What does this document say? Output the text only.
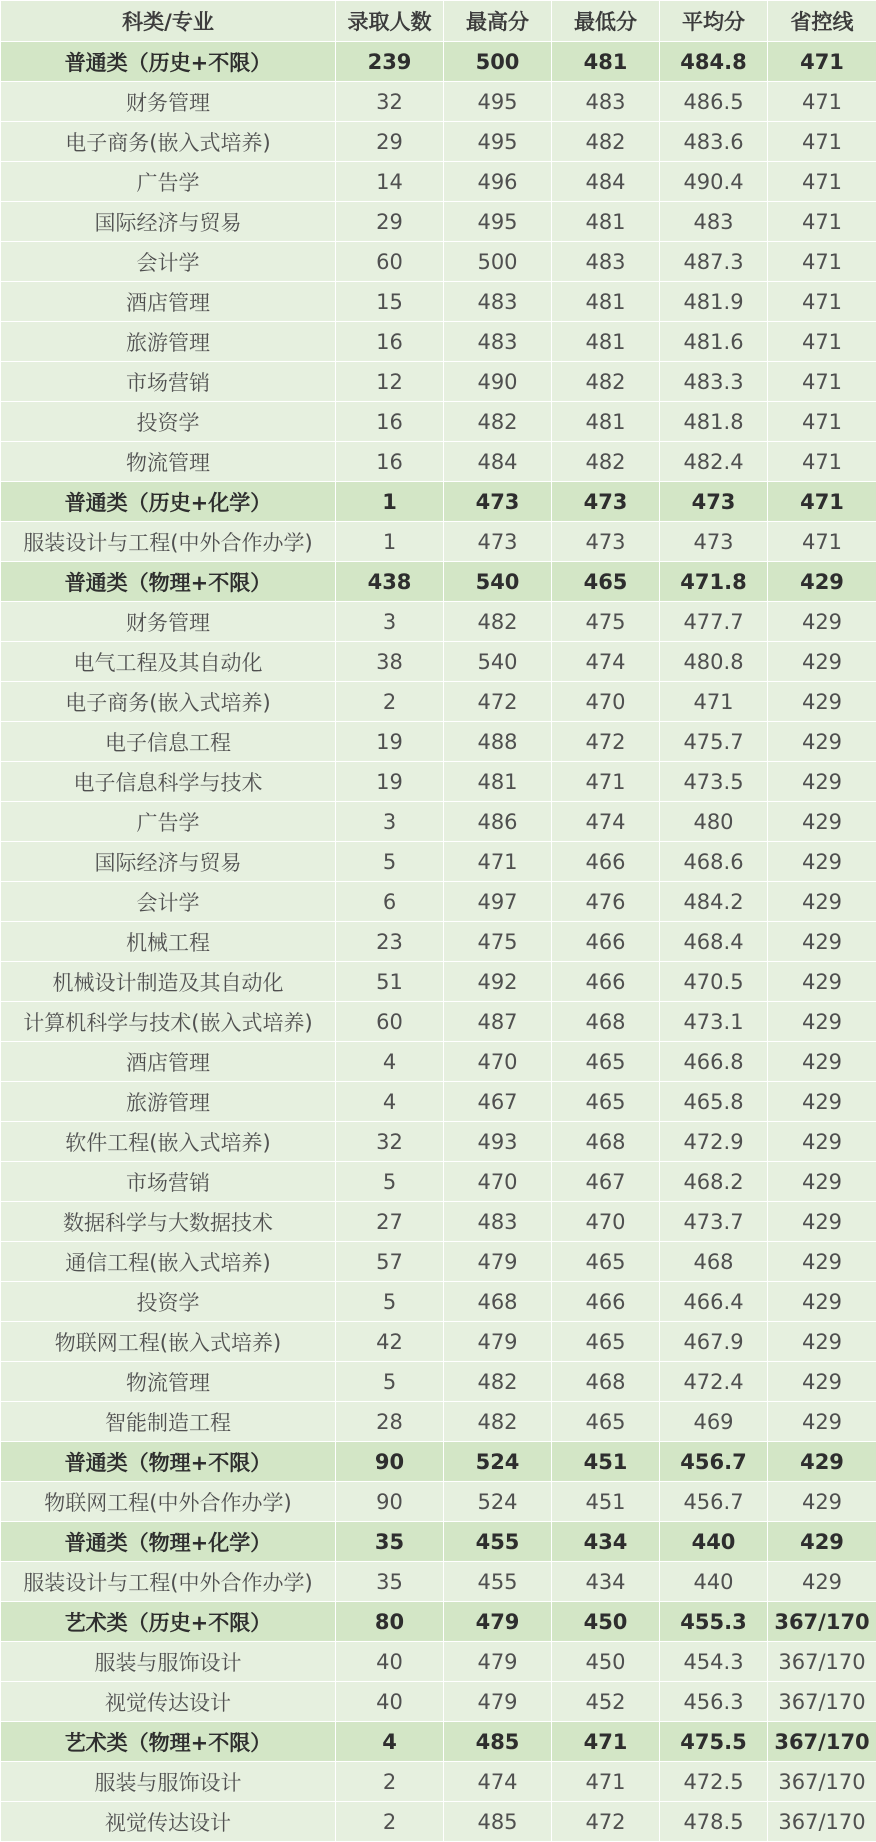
科类/专业	录取人数	最高分	最低分	平均分	省控线
普通类（历史+不限）	239	500	481	484.8	471
财务管理	32	495	483	486.5	471
电子商务(嵌入式培养)	29	495	482	483.6	471
广告学	14	496	484	490.4	471
国际经济与贸易	29	495	481	483	471
会计学	60	500	483	487.3	471
酒店管理	15	483	481	481.9	471
旅游管理	16	483	481	481.6	471
市场营销	12	490	482	483.3	471
投资学	16	482	481	481.8	471
物流管理	16	484	482	482.4	471
普通类（历史+化学）	1	473	473	473	471
服装设计与工程(中外合作办学)	1	473	473	473	471
普通类（物理+不限）	438	540	465	471.8	429
财务管理	3	482	475	477.7	429
电气工程及其自动化	38	540	474	480.8	429
电子商务(嵌入式培养)	2	472	470	471	429
电子信息工程	19	488	472	475.7	429
电子信息科学与技术	19	481	471	473.5	429
广告学	3	486	474	480	429
国际经济与贸易	5	471	466	468.6	429
会计学	6	497	476	484.2	429
机械工程	23	475	466	468.4	429
机械设计制造及其自动化	51	492	466	470.5	429
计算机科学与技术(嵌入式培养)	60	487	468	473.1	429
酒店管理	4	470	465	466.8	429
旅游管理	4	467	465	465.8	429
软件工程(嵌入式培养)	32	493	468	472.9	429
市场营销	5	470	467	468.2	429
数据科学与大数据技术	27	483	470	473.7	429
通信工程(嵌入式培养)	57	479	465	468	429
投资学	5	468	466	466.4	429
物联网工程(嵌入式培养)	42	479	465	467.9	429
物流管理	5	482	468	472.4	429
智能制造工程	28	482	465	469	429
普通类（物理+不限）	90	524	451	456.7	429
物联网工程(中外合作办学)	90	524	451	456.7	429
普通类（物理+化学）	35	455	434	440	429
服装设计与工程(中外合作办学)	35	455	434	440	429
艺术类（历史+不限）	80	479	450	455.3	367/170
服装与服饰设计	40	479	450	454.3	367/170
视觉传达设计	40	479	452	456.3	367/170
艺术类（物理+不限）	4	485	471	475.5	367/170
服装与服饰设计	2	474	471	472.5	367/170
视觉传达设计	2	485	472	478.5	367/170
